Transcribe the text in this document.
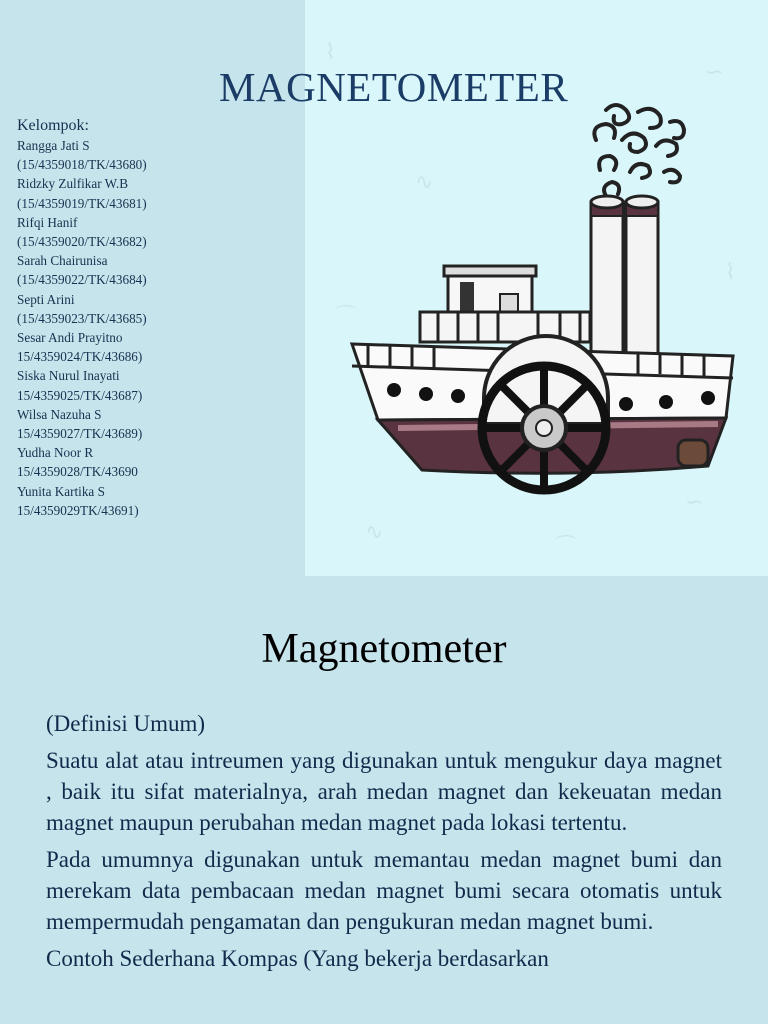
⌇
∿
⌒
∽
⌇
∿
⌒
∽
MAGNETOMETER
Kelompok:
Rangga Jati S
(15/4359018/TK/43680)
Ridzky Zulfikar W.B
(15/4359019/TK/43681)
Rifqi Hanif
(15/4359020/TK/43682)
Sarah Chairunisa
(15/4359022/TK/43684)
Septi Arini
(15/4359023/TK/43685)
Sesar Andi Prayitno
15/4359024/TK/43686)
Siska Nurul Inayati
15/4359025/TK/43687)
Wilsa Nazuha S
15/4359027/TK/43689)
Yudha Noor R
15/4359028/TK/43690
Yunita Kartika S
15/4359029TK/43691)
Magnetometer

(Definisi Umum)

Suatu alat atau intreumen yang digunakan untuk mengukur daya magnet , baik itu sifat materialnya, arah medan magnet dan kekeuatan medan magnet maupun perubahan medan magnet pada lokasi tertentu.

Pada umumnya digunakan untuk memantau medan magnet bumi dan merekam data pembacaan medan magnet bumi secara otomatis untuk mempermudah pengamatan dan pengukuran medan magnet bumi.

Contoh Sederhana Kompas (Yang bekerja berdasarkan
